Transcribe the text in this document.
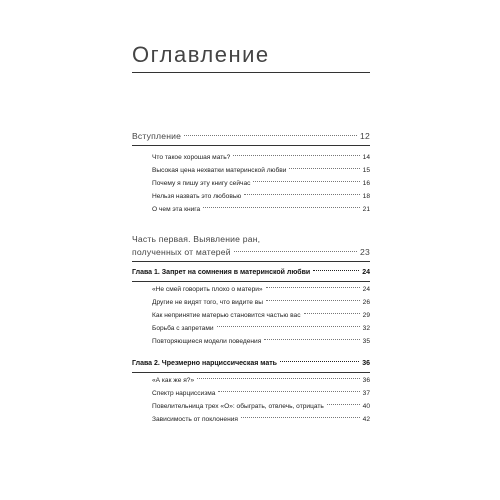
Оглавление
Вступление	12
Что такое хорошая мать?	14
Высокая цена нехватки материнской любви	15
Почему я пишу эту книгу сейчас	16
Нельзя назвать это любовью	18
О чем эта книга	21
Часть первая. Выявление ран,
полученных от матерей	23
Глава 1. Запрет на сомнения в материнской любви	24
«Не смей говорить плохо о матери»	24
Другие не видят того, что видите вы	26
Как непринятие матерью становится частью вас	29
Борьба с запретами	32
Повторяющиеся модели поведения	35
Глава 2. Чрезмерно нарциссическая мать	36
«А как же я?»	36
Спектр нарциссизма	37
Повелительница трех «О»: обыграть, отвлечь, отрицать	40
Зависимость от поклонения	42
